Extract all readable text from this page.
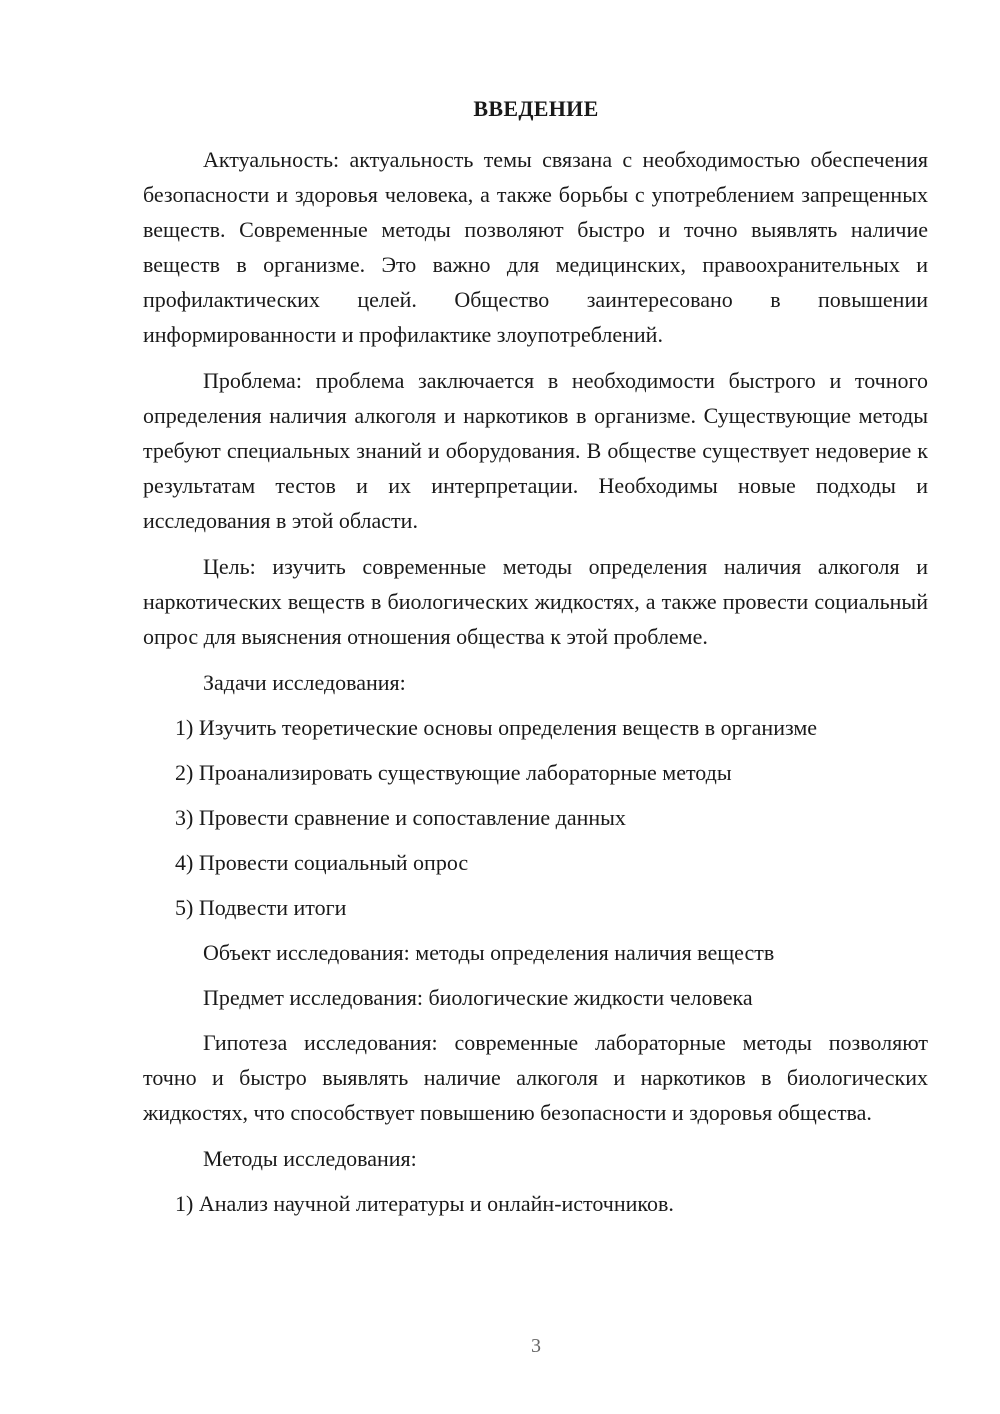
ВВЕДЕНИЕ

Актуальность: актуальность темы связана с необходимостью обеспечения безопасности и здоровья человека, а также борьбы с употреблением запрещенных веществ. Современные методы позволяют быстро и точно выявлять наличие веществ в организме. Это важно для медицинских, правоохранительных и профилактических целей. Общество заинтересовано в повышении информированности и профилактике злоупотреблений.

Проблема: проблема заключается в необходимости быстрого и точного определения наличия алкоголя и наркотиков в организме. Существующие методы требуют специальных знаний и оборудования. В обществе существует недоверие к результатам тестов и их интерпретации. Необходимы новые подходы и исследования в этой области.

Цель: изучить современные методы определения наличия алкоголя и наркотических веществ в биологических жидкостях, а также провести социальный опрос для выяснения отношения общества к этой проблеме.

Задачи исследования:

1) Изучить теоретические основы определения веществ в организме

2) Проанализировать существующие лабораторные методы

3) Провести сравнение и сопоставление данных

4) Провести социальный опрос

5) Подвести итоги

Объект исследования: методы определения наличия веществ

Предмет исследования: биологические жидкости человека

Гипотеза исследования: современные лабораторные методы позволяют точно и быстро выявлять наличие алкоголя и наркотиков в биологических жидкостях, что способствует повышению безопасности и здоровья общества.

Методы исследования:

1) Анализ научной литературы и онлайн-источников.

3
